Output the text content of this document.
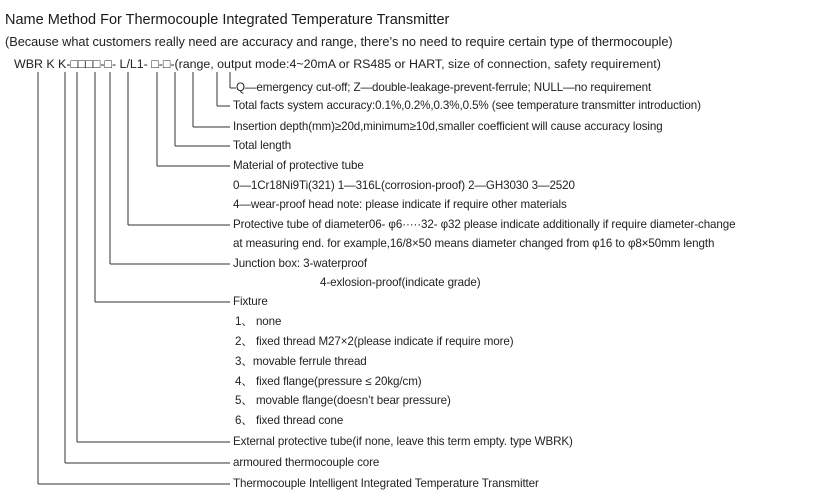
Name Method For Thermocouple Integrated Temperature Transmitter
(Because what customers really need are accuracy and range, there’s no need to require certain type of thermocouple)
WBR K K-□□□□-□- L/L1- □-□-(range, output mode:4~20mA or RS485 or HART, size of connection, safety requirement)
Q—emergency cut-off; Z—double-leakage-prevent-ferrule; NULL—no requirement
Total facts system accuracy:0.1%,0.2%,0.3%,0.5% (see temperature transmitter introduction)
Insertion depth(mm)≥20d,minimum≥10d,smaller coefficient will cause accuracy losing
Total length
Material of protective tube
0—1Cr18Ni9Ti(321) 1—316L(corrosion-proof) 2—GH3030 3—2520
4—wear-proof head note: please indicate if require other materials
Protective tube of diameter06- φ6·····32- φ32 please indicate additionally if require diameter-change
at measuring end. for example,16/8×50 means diameter changed from φ16 to φ8×50mm length
Junction box: 3-waterproof
4-exlosion-proof(indicate grade)
Fixture
1、 none
2、 fixed thread M27×2(please indicate if require more)
3、movable ferrule thread
4、 fixed flange(pressure ≤ 20kg/cm)
5、 movable flange(doesn’t bear pressure)
6、 fixed thread cone
External protective tube(if none, leave this term empty. type WBRK)
armoured thermocouple core
Thermocouple Intelligent Integrated Temperature Transmitter
